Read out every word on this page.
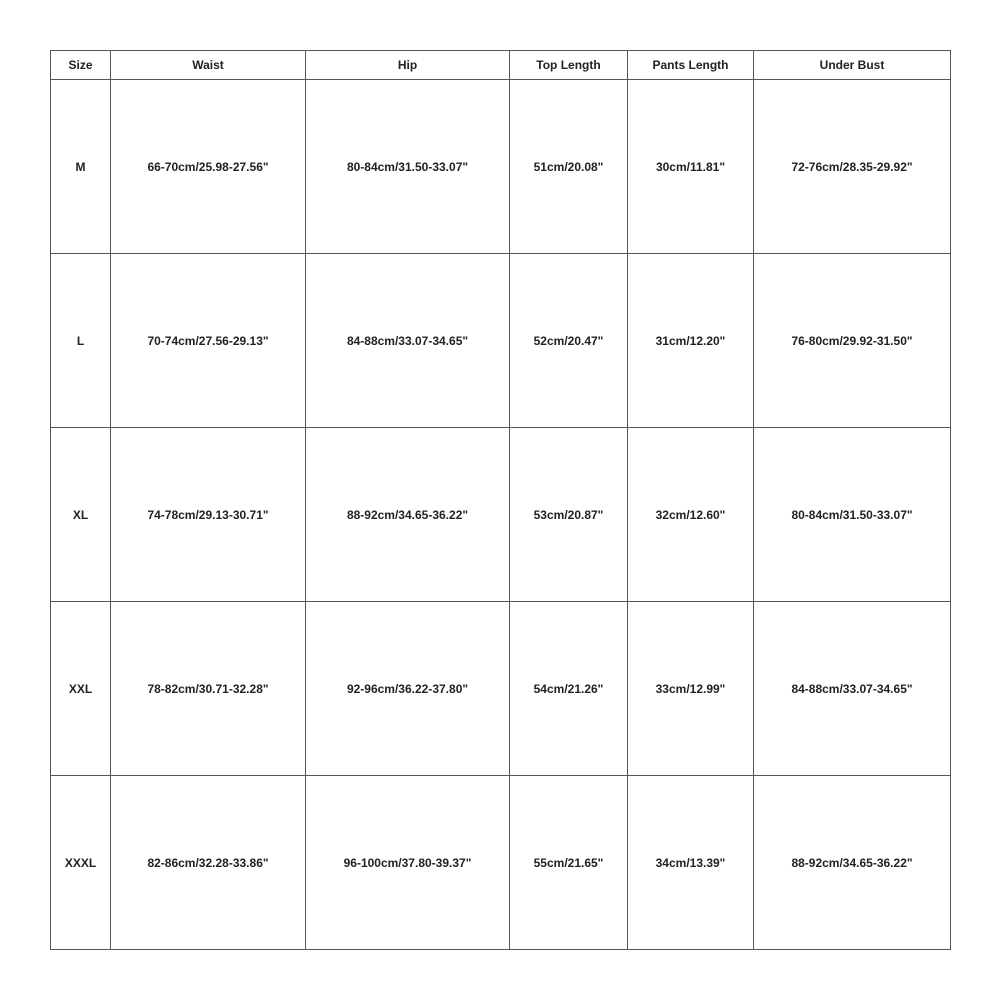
Size	Waist	Hip	Top Length	Pants Length	Under Bust
M	66-70cm/25.98-27.56"	80-84cm/31.50-33.07"	51cm/20.08"	30cm/11.81"	72-76cm/28.35-29.92"
L	70-74cm/27.56-29.13"	84-88cm/33.07-34.65"	52cm/20.47"	31cm/12.20"	76-80cm/29.92-31.50"
XL	74-78cm/29.13-30.71"	88-92cm/34.65-36.22"	53cm/20.87"	32cm/12.60"	80-84cm/31.50-33.07"
XXL	78-82cm/30.71-32.28"	92-96cm/36.22-37.80"	54cm/21.26"	33cm/12.99"	84-88cm/33.07-34.65"
XXXL	82-86cm/32.28-33.86"	96-100cm/37.80-39.37"	55cm/21.65"	34cm/13.39"	88-92cm/34.65-36.22"
